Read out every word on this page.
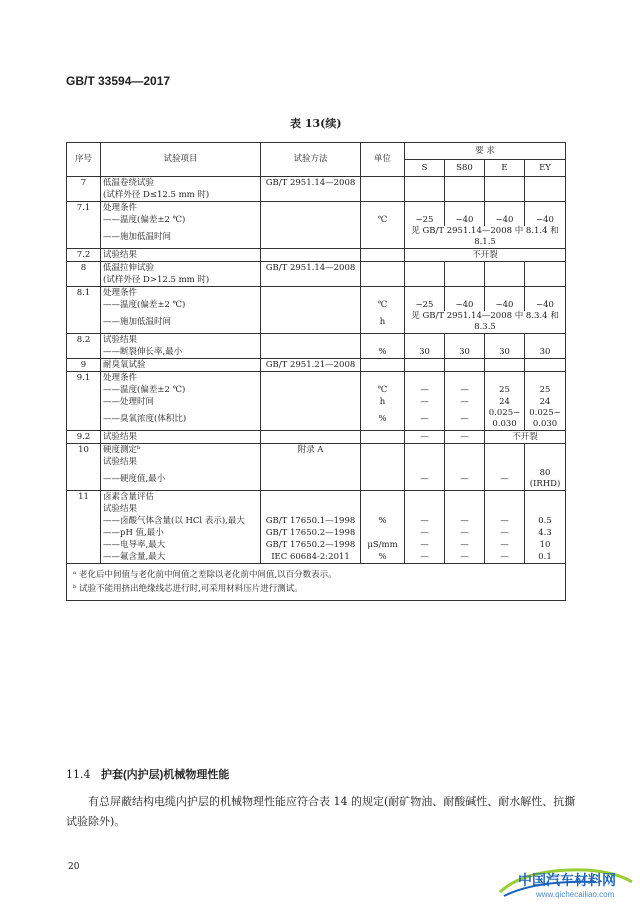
GB/T 33594—2017
表 13(续)
序号	试验项目	试验方法	单位	要 求			
				S	S80	E	EY
7	低温卷绕试验	GB/T 2951.14—2008					
	(试样外径 D≤12.5 mm 时)						
7.1	处理条件						
	——温度(偏差±2 ℃)		℃	−25	−40	−40	−40
	——施加低温时间			见 GB/T 2951.14—2008 中 8.1.4 和 8.1.5			
7.2	试验结果			不开裂			
8	低温拉伸试验	GB/T 2951.14—2008					
	(试样外径 D>12.5 mm 时)						
8.1	处理条件						
	——温度(偏差±2 ℃)		℃	−25	−40	−40	−40
	——施加低温时间		h	见 GB/T 2951.14—2008 中 8.3.4 和 8.3.5			
8.2	试验结果						
	——断裂伸长率,最小		%	30	30	30	30
9	耐臭氧试验	GB/T 2951.21—2008					
9.1	处理条件						
	——温度(偏差±2 ℃)		℃	—	—	25	25
	——处理时间		h	—	—	24	24
	——臭氧浓度(体积比)		%	—	—	0.025~ 0.030	0.025~ 0.030
9.2	试验结果			—	—	不开裂	
10	硬度测定ᵇ	附录 A					
	试验结果						
	——硬度值,最小			—	—	—	80 (IRHD)
11	卤素含量评估						
	试验结果						
	——卤酸气体含量(以 HCl 表示),最大	GB/T 17650.1—1998	%	—	—	—	0.5
	——pH 值,最小	GB/T 17650.2—1998		—	—	—	4.3
	——电导率,最大	GB/T 17650.2—1998	μS/mm	—	—	—	10
	——氟含量,最大	IEC 60684-2:2011	%	—	—	—	0.1

ᵃ 老化后中间值与老化前中间值之差除以老化前中间值,以百分数表示。
ᵇ 试验不能用挤出绝缘线芯进行时,可采用材料压片进行测试。							
11.4 护套(内护层)机械物理性能
有总屏蔽结构电缆内护层的机械物理性能应符合表 14 的规定(耐矿物油、耐酸碱性、耐水解性、抗撕试验除外)。
20
中国汽车材料网
www.qichecailiao.com
